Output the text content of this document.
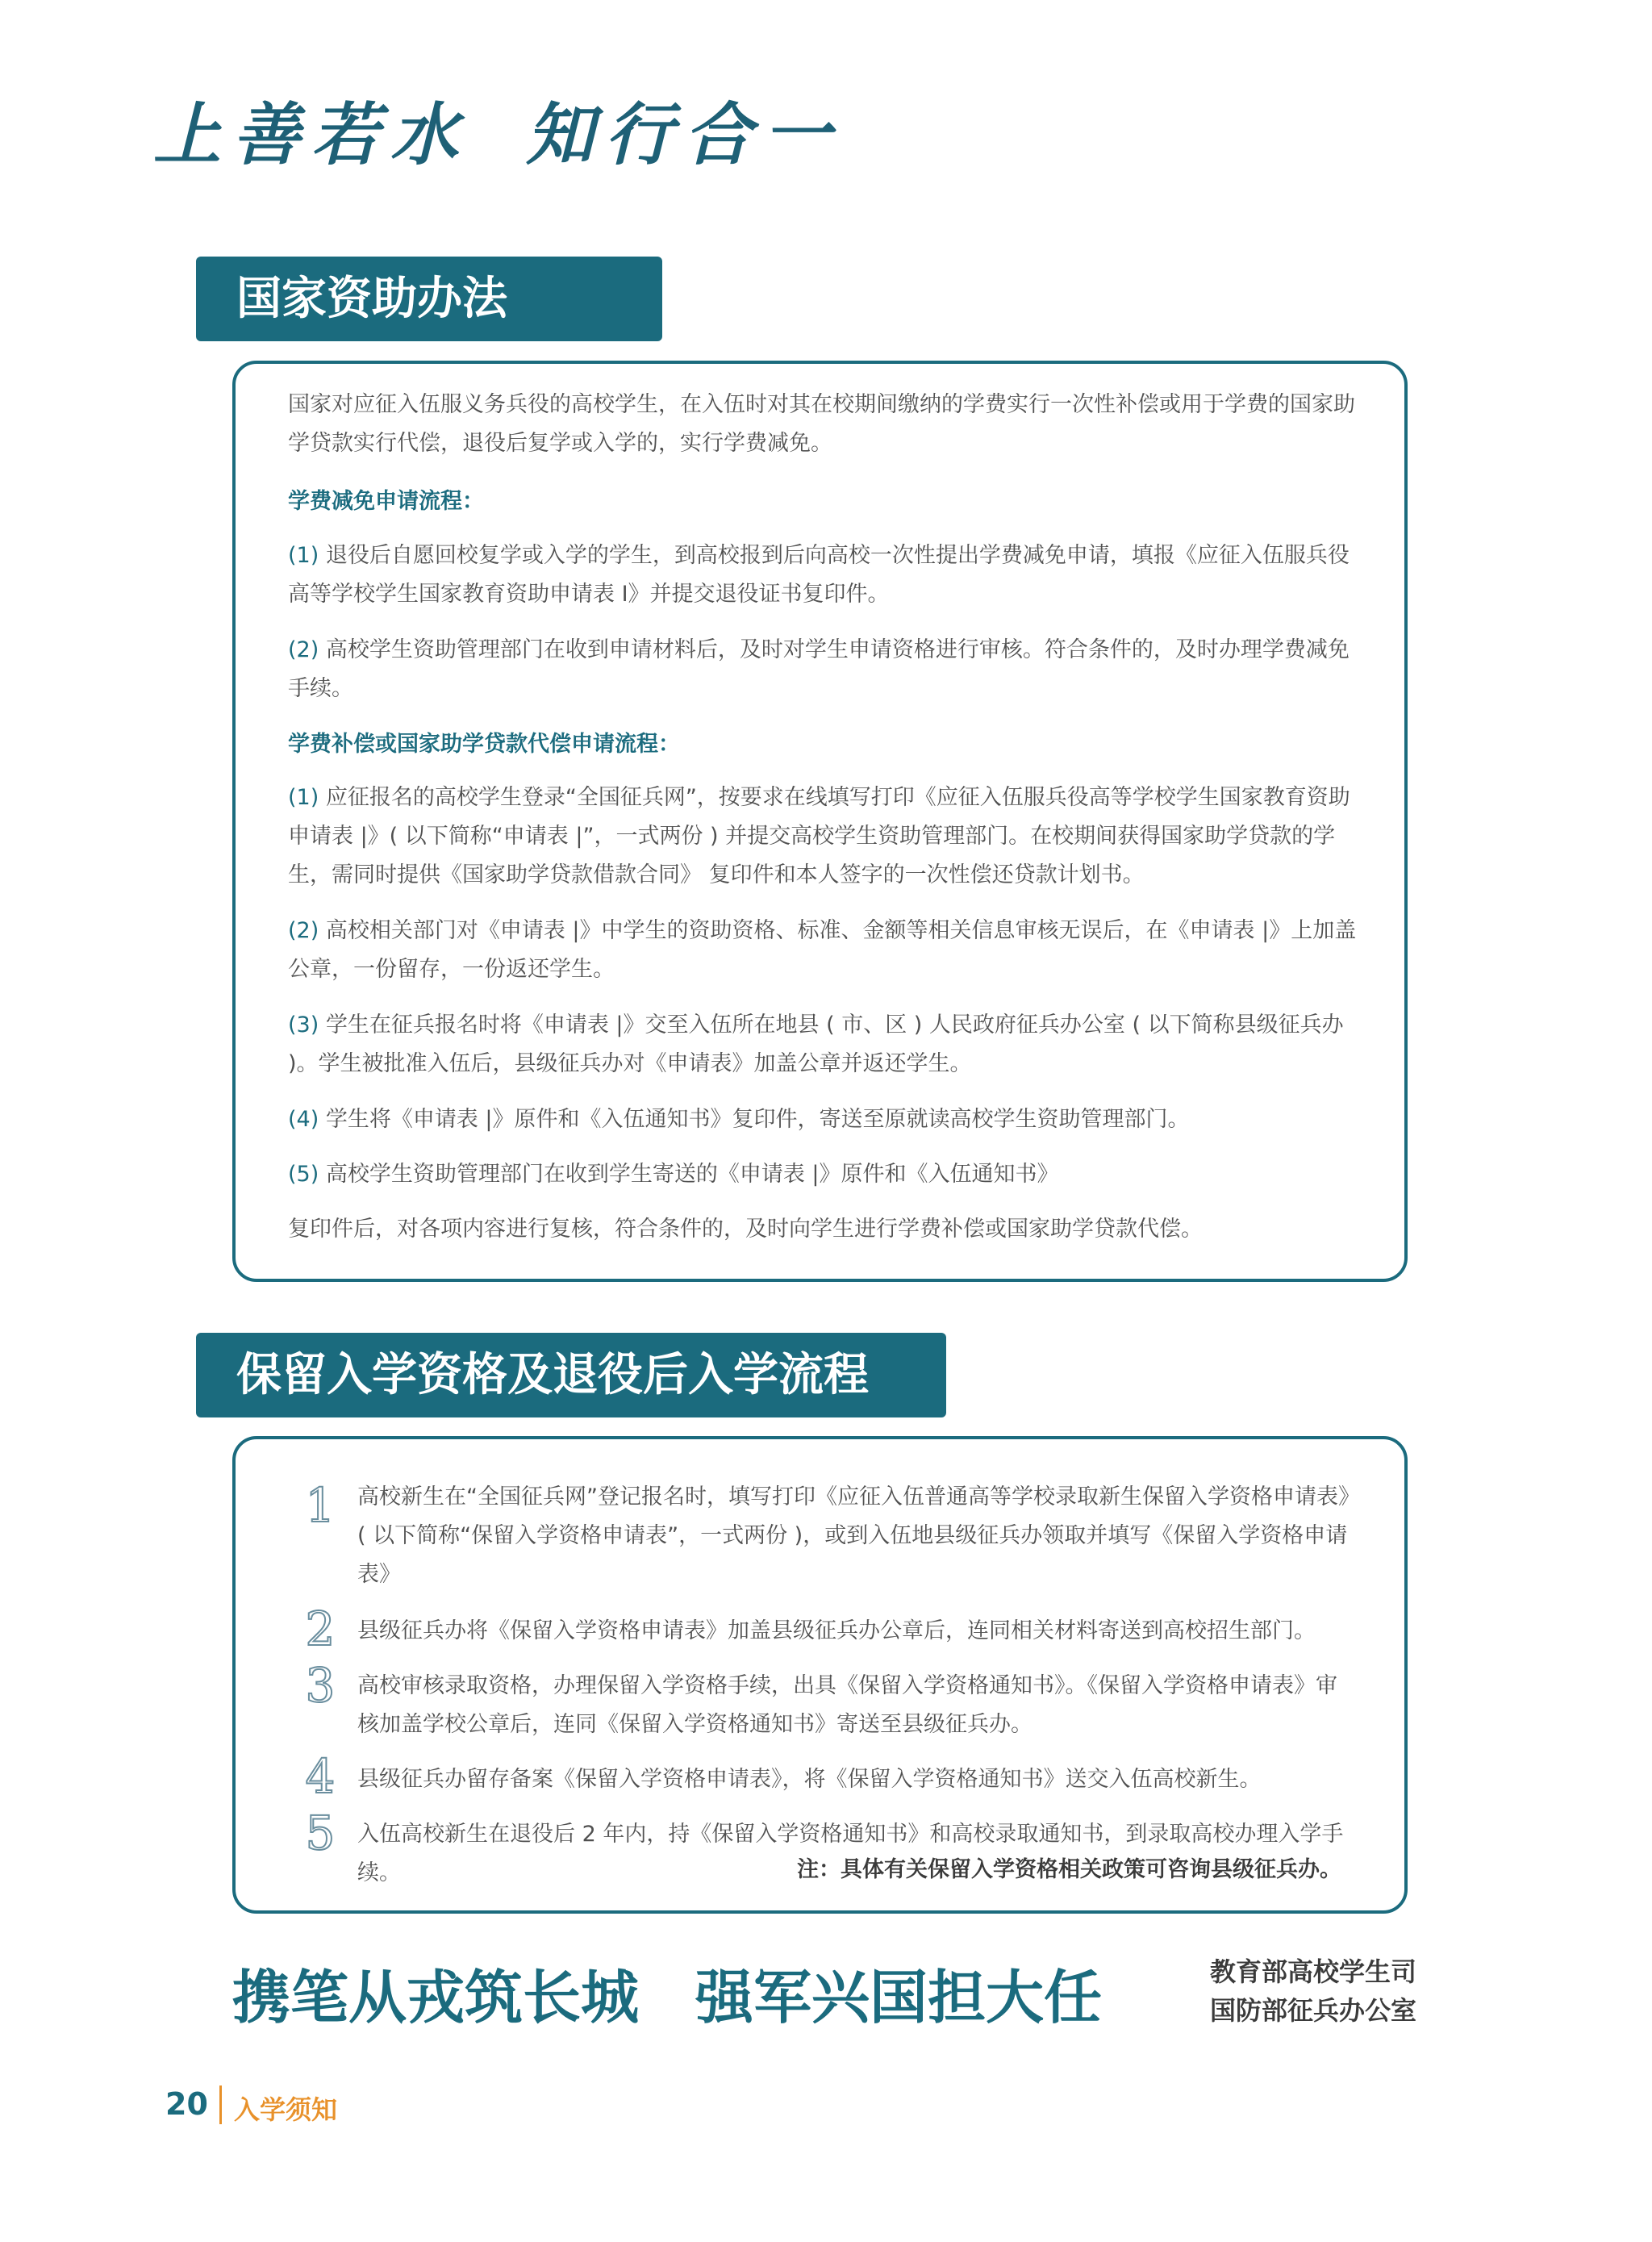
上善若水 知行合一
国家资助办法

国家对应征入伍服义务兵役的高校学生，在入伍时对其在校期间缴纳的学费实行一次性补偿或用于学费的国家助学贷款实行代偿，退役后复学或入学的，实行学费减免。

学费减免申请流程：

(1) 退役后自愿回校复学或入学的学生，到高校报到后向高校一次性提出学费减免申请，填报《应征入伍服兵役高等学校学生国家教育资助申请表 I》并提交退役证书复印件。

(2) 高校学生资助管理部门在收到申请材料后，及时对学生申请资格进行审核。符合条件的，及时办理学费减免手续。

学费补偿或国家助学贷款代偿申请流程：

(1) 应征报名的高校学生登录“全国征兵网”，按要求在线填写打印《应征入伍服兵役高等学校学生国家教育资助申请表 |》( 以下简称“申请表 |”，一式两份 ) 并提交高校学生资助管理部门。在校期间获得国家助学贷款的学生，需同时提供《国家助学贷款借款合同》 复印件和本人签字的一次性偿还贷款计划书。

(2) 高校相关部门对《申请表 |》中学生的资助资格、标准、金额等相关信息审核无误后，在《申请表 |》上加盖公章，一份留存，一份返还学生。

(3) 学生在征兵报名时将《申请表 |》交至入伍所在地县 ( 市、区 ) 人民政府征兵办公室 ( 以下简称县级征兵办 )。学生被批准入伍后，县级征兵办对《申请表》加盖公章并返还学生。

(4) 学生将《申请表 |》原件和《入伍通知书》复印件，寄送至原就读高校学生资助管理部门。

(5) 高校学生资助管理部门在收到学生寄送的《申请表 |》原件和《入伍通知书》

复印件后，对各项内容进行复核，符合条件的，及时向学生进行学费补偿或国家助学贷款代偿。

保留入学资格及退役后入学流程
1 高校新生在“全国征兵网”登记报名时，填写打印《应征入伍普通高等学校录取新生保留入学资格申请表》( 以下简称“保留入学资格申请表”，一式两份 )，或到入伍地县级征兵办领取并填写《保留入学资格申请表》
2 县级征兵办将《保留入学资格申请表》加盖县级征兵办公章后，连同相关材料寄送到高校招生部门。
3 高校审核录取资格，办理保留入学资格手续，出具《保留入学资格通知书》。《保留入学资格申请表》审核加盖学校公章后，连同《保留入学资格通知书》寄送至县级征兵办。
4 县级征兵办留存备案《保留入学资格申请表》，将《保留入学资格通知书》送交入伍高校新生。
5 入伍高校新生在退役后 2 年内，持《保留入学资格通知书》和高校录取通知书，到录取高校办理入学手续。	注：具体有关保留入学资格相关政策可咨询县级征兵办。
携笔从戎筑长城 强军兴国担大任	教育部高校学生司
国防部征兵办公室
20 入学须知
